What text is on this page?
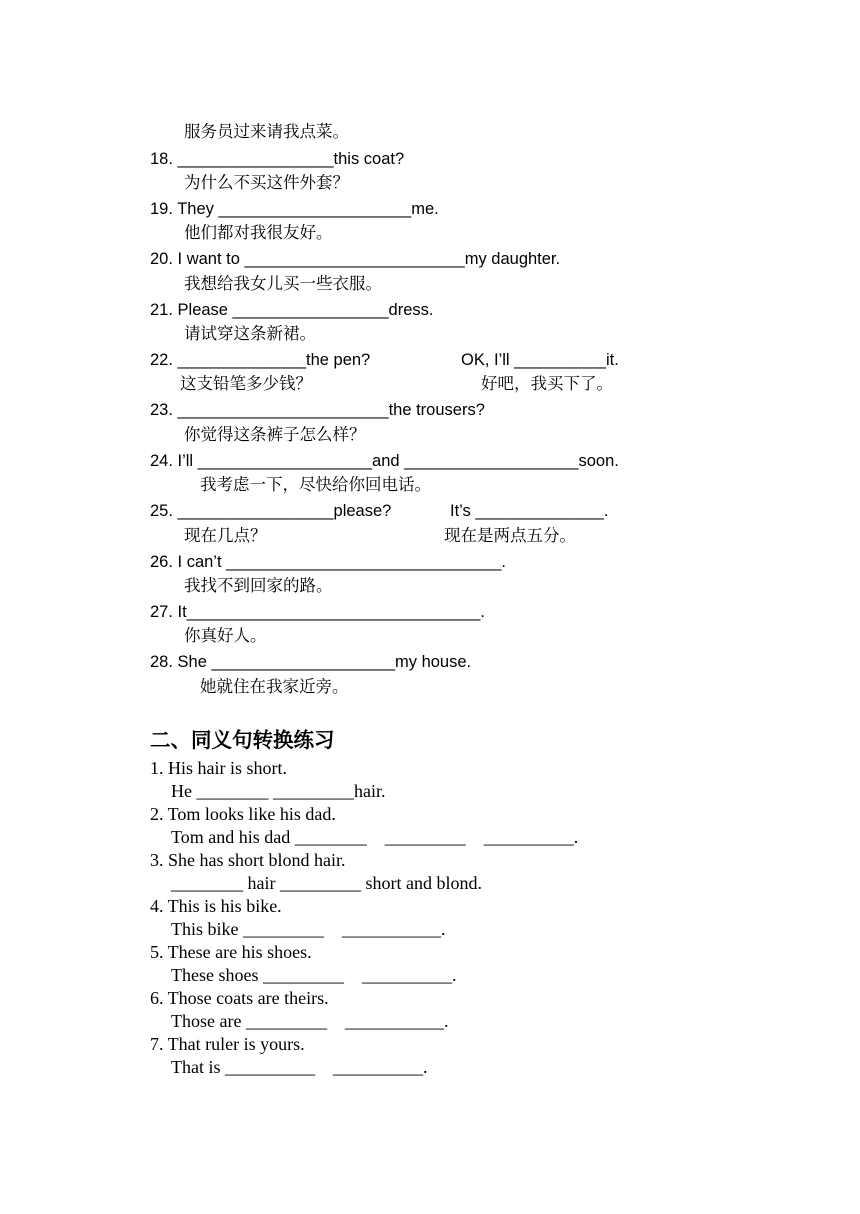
服务员过来请我点菜。
18. _________________this coat?
为什么不买这件外套？
19. They _____________________me.
他们都对我很友好。
20. I want to ________________________my daughter.
我想给我女儿买一些衣服。
21. Please _________________dress.
请试穿这条新裙。
22. ______________the pen?	OK, I’ll __________it.
这支铅笔多少钱？	好吧，我买下了。
23. _______________________the trousers?
你觉得这条裤子怎么样？
24. I’ll ___________________and ___________________soon.
我考虑一下，尽快给你回电话。
25. _________________please?	It’s ______________.
现在几点？	现在是两点五分。
26. I can’t ______________________________.
我找不到回家的路。
27. It________________________________.
你真好人。
28. She ____________________my house.
她就住在我家近旁。
二、同义句转换练习
1. His hair is short.
He ________ _________hair.
2. Tom looks like his dad.
Tom and his dad ________    _________    __________.
3. She has short blond hair.
________ hair _________ short and blond.
4. This is his bike.
This bike _________    ___________.
5. These are his shoes.
These shoes _________    __________.
6. Those coats are theirs.
Those are _________    ___________.
7. That ruler is yours.
That is __________    __________.
